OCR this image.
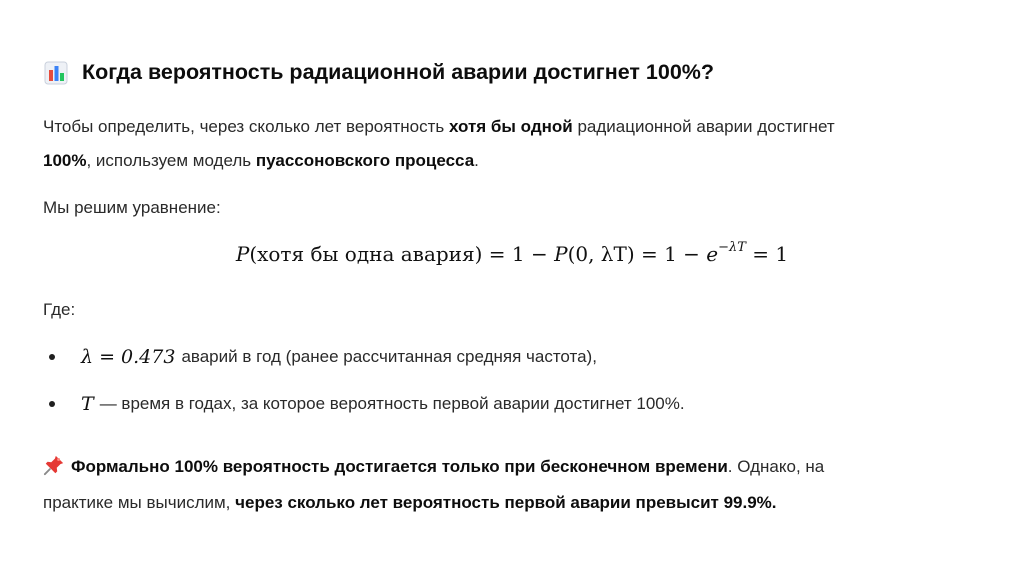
Когда вероятность радиационной аварии достигнет 100%?
Чтобы определить, через сколько лет вероятность хотя бы одной радиационной аварии достигнет
100%, используем модель пуассоновского процесса.
Мы решим уравнение:
P(хотя бы одна авария) = 1 − P(0, $\lambda T) = 1 - e^{-\lambda T} = 1$
Где:
λ = 0.473 аварий в год (ранее рассчитанная средняя частота),
T — время в годах, за которое вероятность первой аварии достигнет 100%.
Формально 100% вероятность достигается только при бесконечном времени. Однако, на
практике мы вычислим, через сколько лет вероятность первой аварии превысит 99.9%.
